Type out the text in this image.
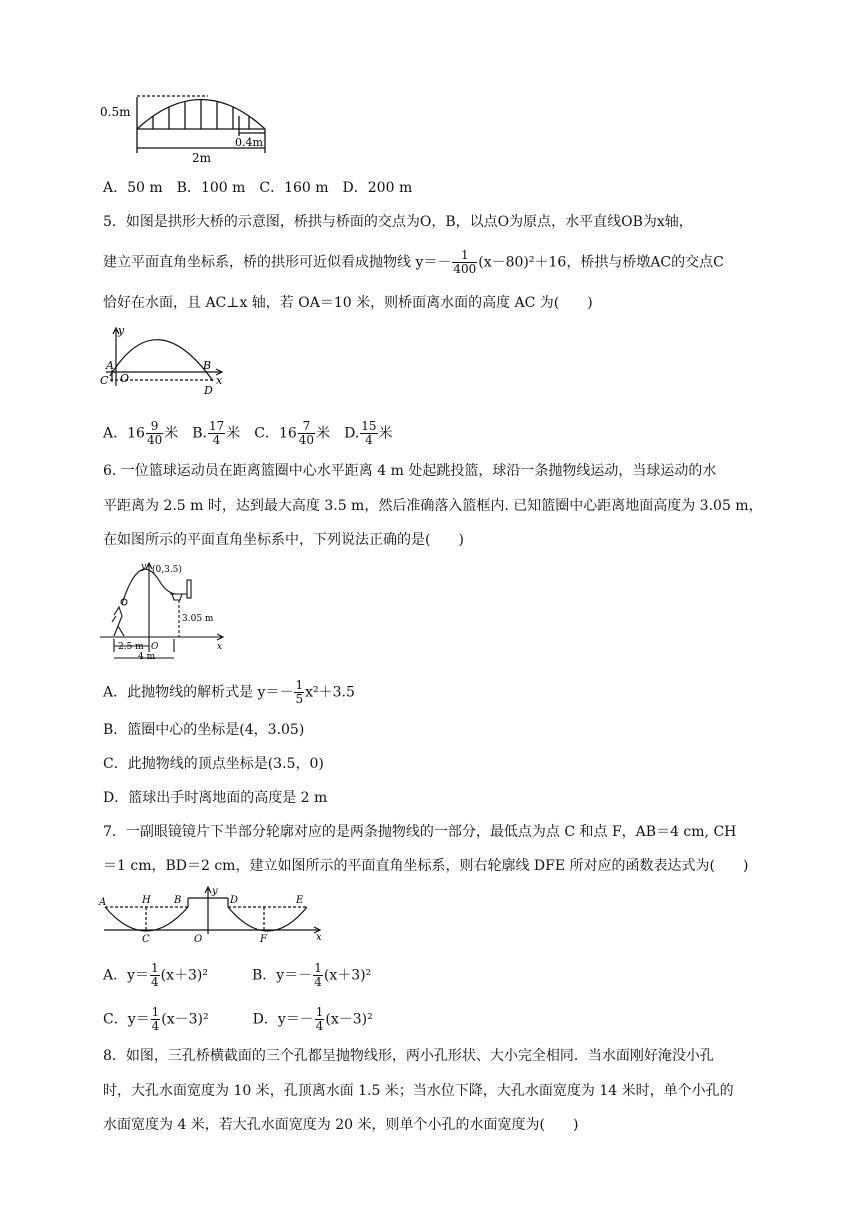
0.5m
2m
0.4m
A．50 m　B．100 m　C．160 m　D．200 m
5．如图是拱形大桥的示意图，桥拱与桥面的交点为O，B，以点O为原点，水平直线OB为x轴，
建立平面直角坐标系，桥的拱形可近似看成抛物线 $y=- \frac{1}{400} (x-80)^2+16$，桥拱与桥墩AC的交点C
恰好在水面，且 AC⊥x 轴，若 OA＝10 米，则桥面离水面的高度 AC 为(　　)
y
x
A
C O
B
D
A．$16 \frac{9}{40}$ 米　 B. $\frac{17}{4}$ 米　 C．$16 \frac{7}{40}$ 米　 D. $\frac{15}{4}$ 米
6. 一位篮球运动员在距离篮圈中心水平距离 4 m 处起跳投篮，球沿一条抛物线运动，当球运动的水
平距离为 2.5 m 时，达到最大高度 3.5 m，然后准确落入篮框内. 已知篮圈中心距离地面高度为 3.05 m，
在如图所示的平面直角坐标系中，下列说法正确的是(　　)
y (0,3.5)
3.05 m
2.5 m O
4 m
x
A．此抛物线的解析式是 $y=- \frac{1}{5} x^2+3.5$
B．篮圈中心的坐标是(4，3.05)
C．此抛物线的顶点坐标是(3.5，0)
D．篮球出手时离地面的高度是 2 m
7．一副眼镜镜片下半部分轮廓对应的是两条抛物线的一部分，最低点为点 C 和点 F，AB＝4 cm, CH
＝1 cm，BD＝2 cm，建立如图所示的平面直角坐标系，则右轮廓线 DFE 所对应的函数表达式为(　　)
A	H B
y
D	E
C	O	F	x
A．$y= \frac{1}{4} (x+3)^2$	B．$y=- \frac{1}{4} (x+3)^2$
C．$y= \frac{1}{4} (x-3)^2$	D．$y=- \frac{1}{4} (x-3)^2$
8．如图，三孔桥横截面的三个孔都呈抛物线形，两小孔形状、大小完全相同．当水面刚好淹没小孔
时，大孔水面宽度为 10 米，孔顶离水面 1.5 米；当水位下降，大孔水面宽度为 14 米时，单个小孔的
水面宽度为 4 米，若大孔水面宽度为 20 米，则单个小孔的水面宽度为(　　)
